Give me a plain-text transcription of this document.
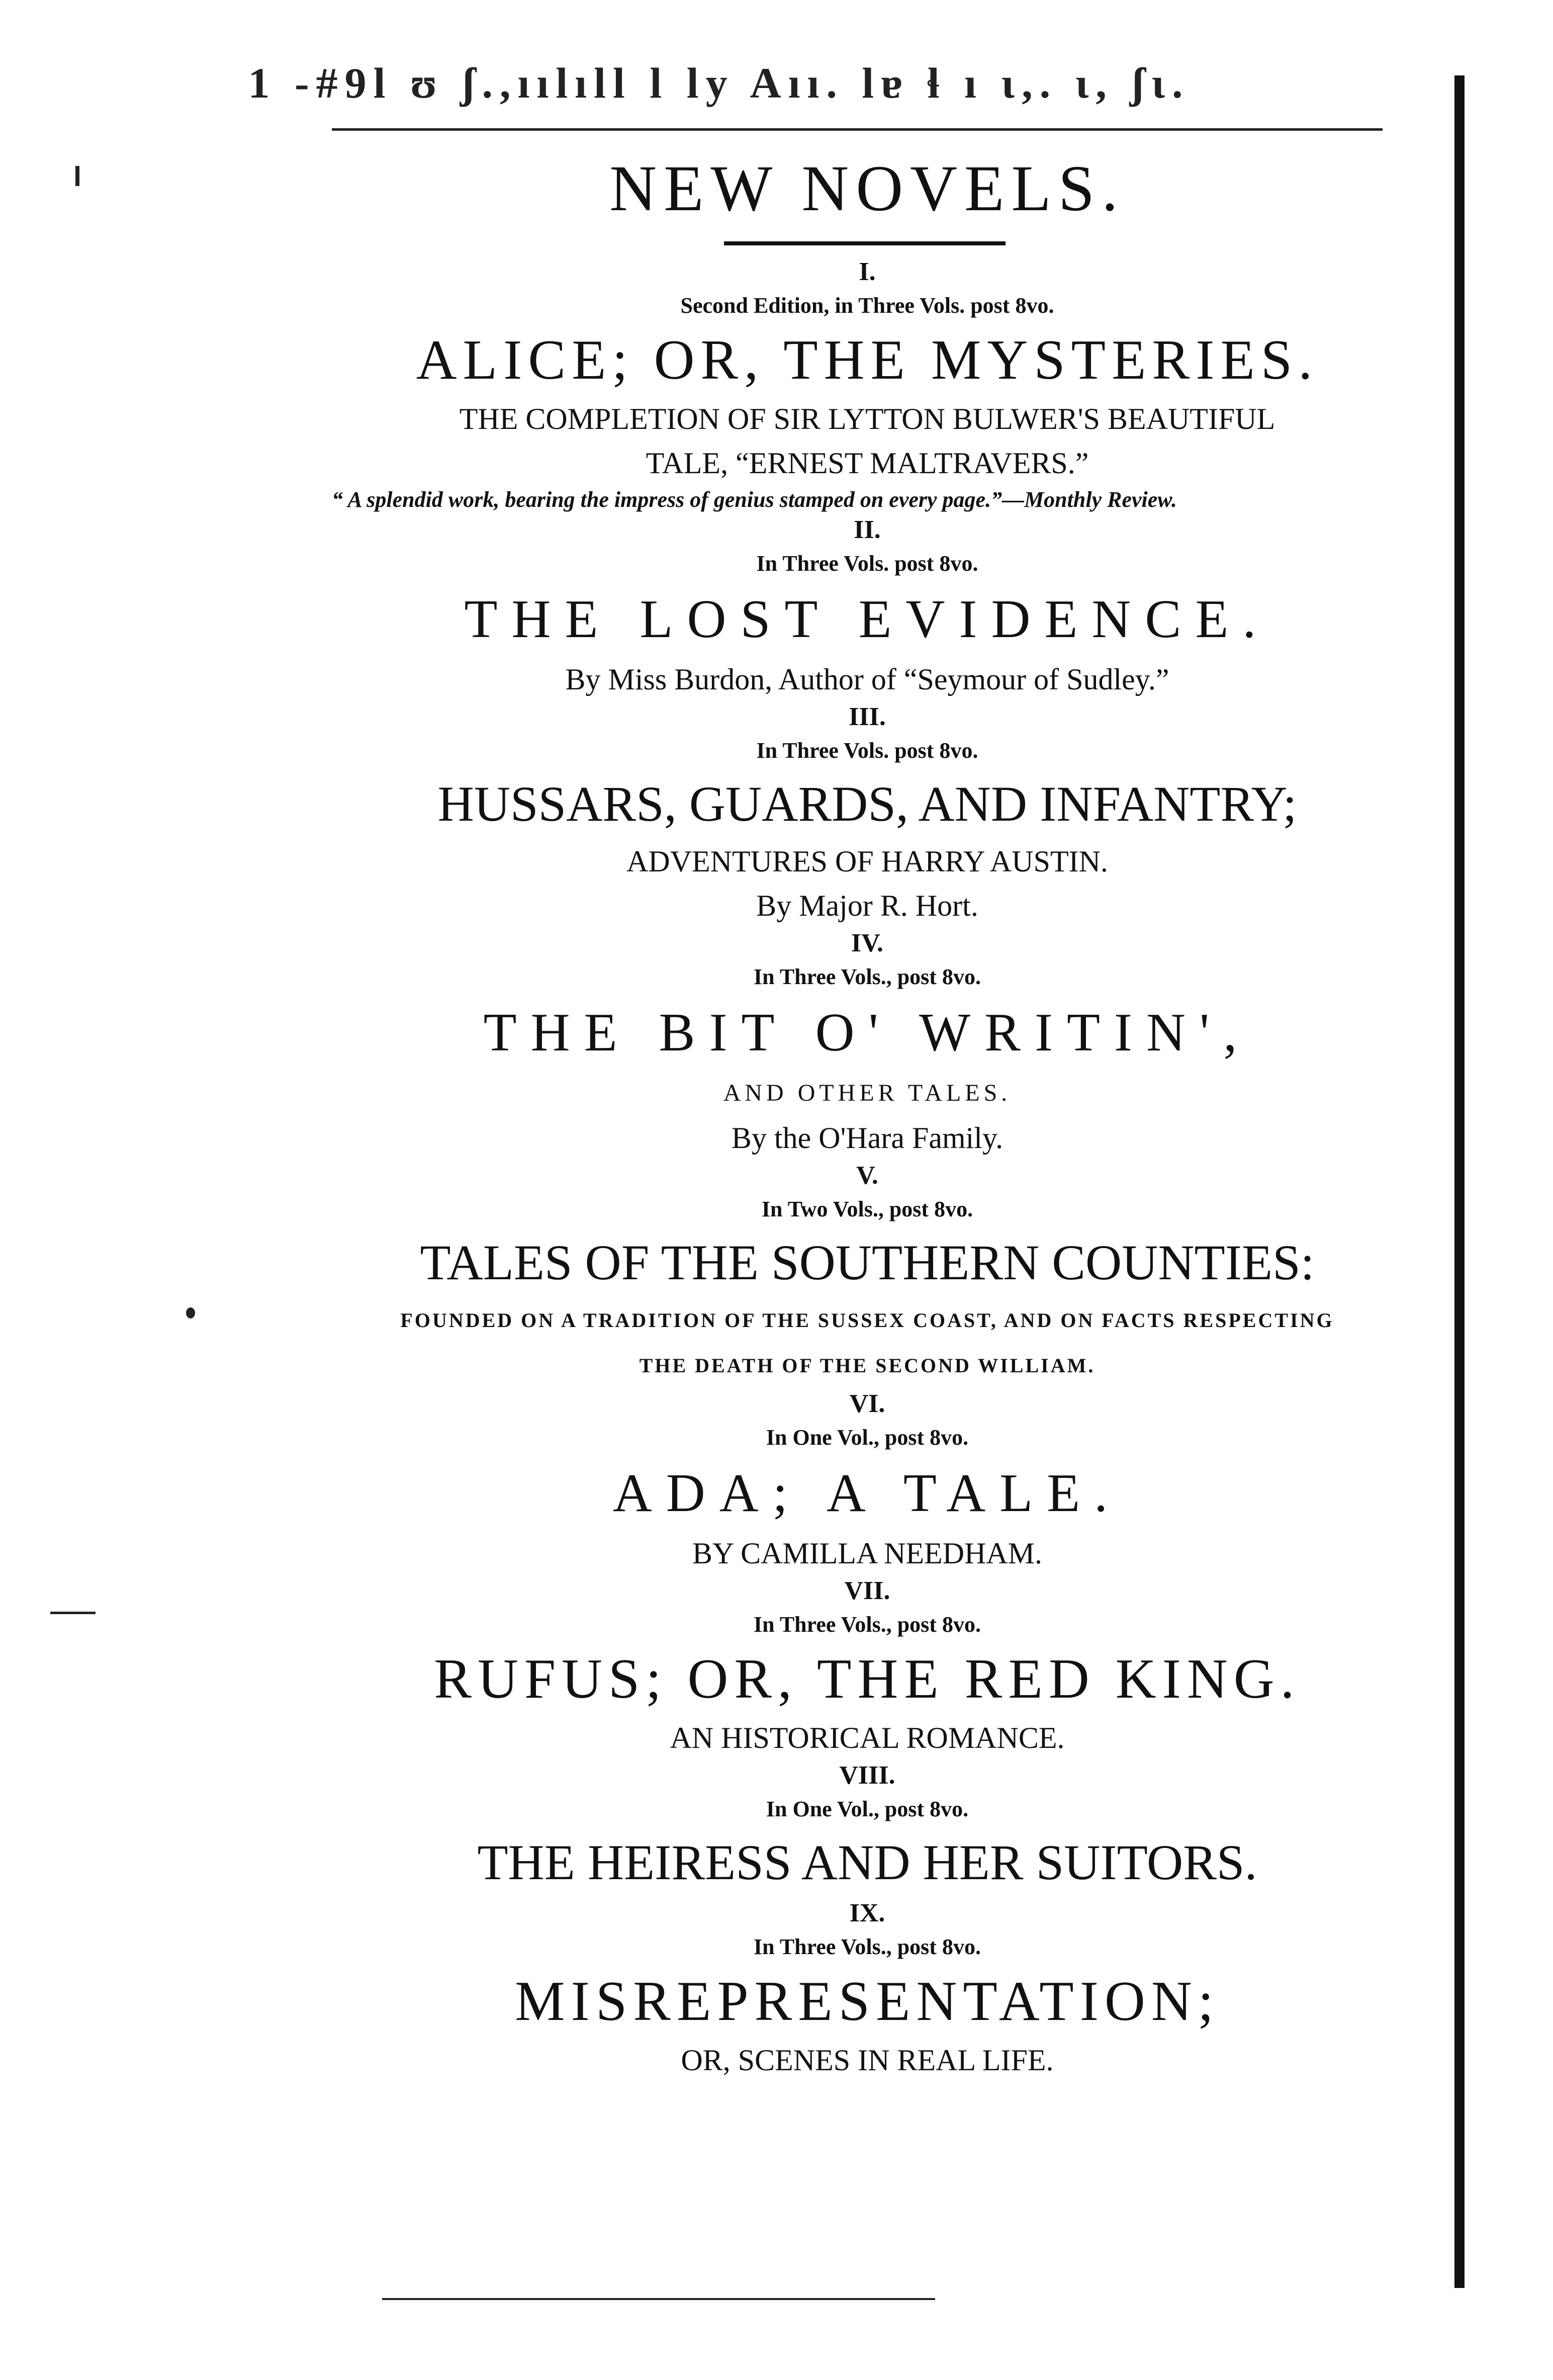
1 -#9l ʊ ʃ.,ıılıll l ly Aıı. lɐ ɬ ı ɩ,. ɩ, ʃɩ.
NEW NOVELS.
I.
Second Edition, in Three Vols. post 8vo.
ALICE; OR, THE MYSTERIES.
THE COMPLETION OF SIR LYTTON BULWER'S BEAUTIFUL
TALE, “ERNEST MALTRAVERS.”
“ A splendid work, bearing the impress of genius stamped on every page.”—Monthly Review.
II.
In Three Vols. post 8vo.
THE LOST EVIDENCE.
By Miss Burdon, Author of “Seymour of Sudley.”
III.
In Three Vols. post 8vo.
HUSSARS, GUARDS, AND INFANTRY;
ADVENTURES OF HARRY AUSTIN.
By Major R. Hort.
IV.
In Three Vols., post 8vo.
THE BIT O' WRITIN',
AND OTHER TALES.
By the O'Hara Family.
V.
In Two Vols., post 8vo.
TALES OF THE SOUTHERN COUNTIES:
FOUNDED ON A TRADITION OF THE SUSSEX COAST, AND ON FACTS RESPECTING
THE DEATH OF THE SECOND WILLIAM.
VI.
In One Vol., post 8vo.
ADA; A TALE.
BY CAMILLA NEEDHAM.
VII.
In Three Vols., post 8vo.
RUFUS; OR, THE RED KING.
AN HISTORICAL ROMANCE.
VIII.
In One Vol., post 8vo.
THE HEIRESS AND HER SUITORS.
IX.
In Three Vols., post 8vo.
MISREPRESENTATION;
OR, SCENES IN REAL LIFE.
